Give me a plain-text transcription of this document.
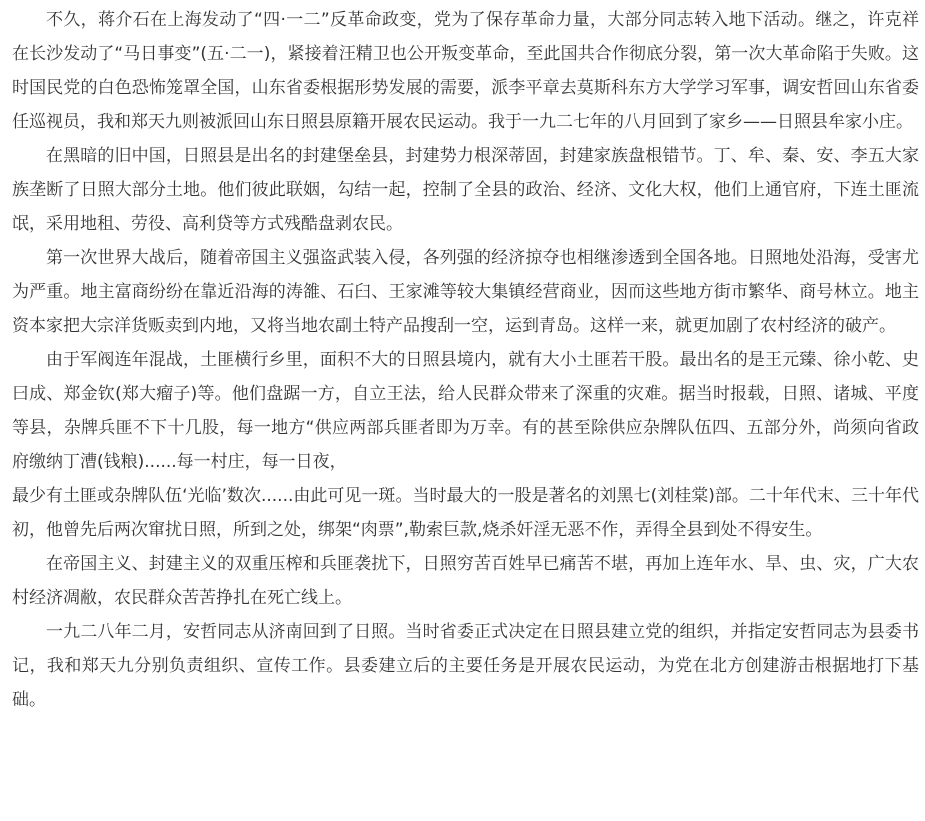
不久，蒋介石在上海发动了“四·一二”反革命政变，党为了保存革命力量，大部分同志转入地下活动。继之，许克祥在长沙发动了“马日事变”(五·二一)，紧接着汪精卫也公开叛变革命，至此国共合作彻底分裂，第一次大革命陷于失败。这时国民党的白色恐怖笼罩全国，山东省委根据形势发展的需要，派李平章去莫斯科东方大学学习军事，调安哲回山东省委任巡视员，我和郑天九则被派回山东日照县原籍开展农民运动。我于一九二七年的八月回到了家乡——日照县牟家小庄。

在黑暗的旧中国，日照县是出名的封建堡垒县，封建势力根深蒂固，封建家族盘根错节。丁、牟、秦、安、李五大家族垄断了日照大部分土地。他们彼此联姻，勾结一起，控制了全县的政治、经济、文化大权，他们上通官府，下连土匪流氓，采用地租、劳役、高利贷等方式残酷盘剥农民。

第一次世界大战后，随着帝国主义强盗武装入侵，各列强的经济掠夺也相继渗透到全国各地。日照地处沿海，受害尤为严重。地主富商纷纷在靠近沿海的涛雒、石臼、王家滩等较大集镇经营商业，因而这些地方街市繁华、商号林立。地主资本家把大宗洋货贩卖到内地，又将当地农副土特产品搜刮一空，运到青岛。这样一来，就更加剧了农村经济的破产。

由于军阀连年混战，土匪横行乡里，面积不大的日照县境内，就有大小土匪若干股。最出名的是王元臻、徐小乾、史曰成、郑金钦(郑大瘤子)等。他们盘踞一方，自立王法，给人民群众带来了深重的灾难。据当时报载，日照、诸城、平度等县，杂牌兵匪不下十几股，每一地方“供应两部兵匪者即为万幸。有的甚至除供应杂牌队伍四、五部分外，尚须向省政府缴纳丁漕(钱粮)......每一村庄，每一日夜，

最少有土匪或杂牌队伍‘光临’数次......由此可见一斑。当时最大的一股是著名的刘黑七(刘桂棠)部。二十年代末、三十年代初，他曾先后两次窜扰日照，所到之处，绑架“肉票”,勒索巨款,烧杀奸淫无恶不作，弄得全县到处不得安生。

在帝国主义、封建主义的双重压榨和兵匪袭扰下，日照穷苦百姓早已痛苦不堪，再加上连年水、旱、虫、灾，广大农村经济凋敝，农民群众苦苦挣扎在死亡线上。

一九二八年二月，安哲同志从济南回到了日照。当时省委正式决定在日照县建立党的组织，并指定安哲同志为县委书记，我和郑天九分别负责组织、宣传工作。县委建立后的主要任务是开展农民运动，为党在北方创建游击根据地打下基础。
